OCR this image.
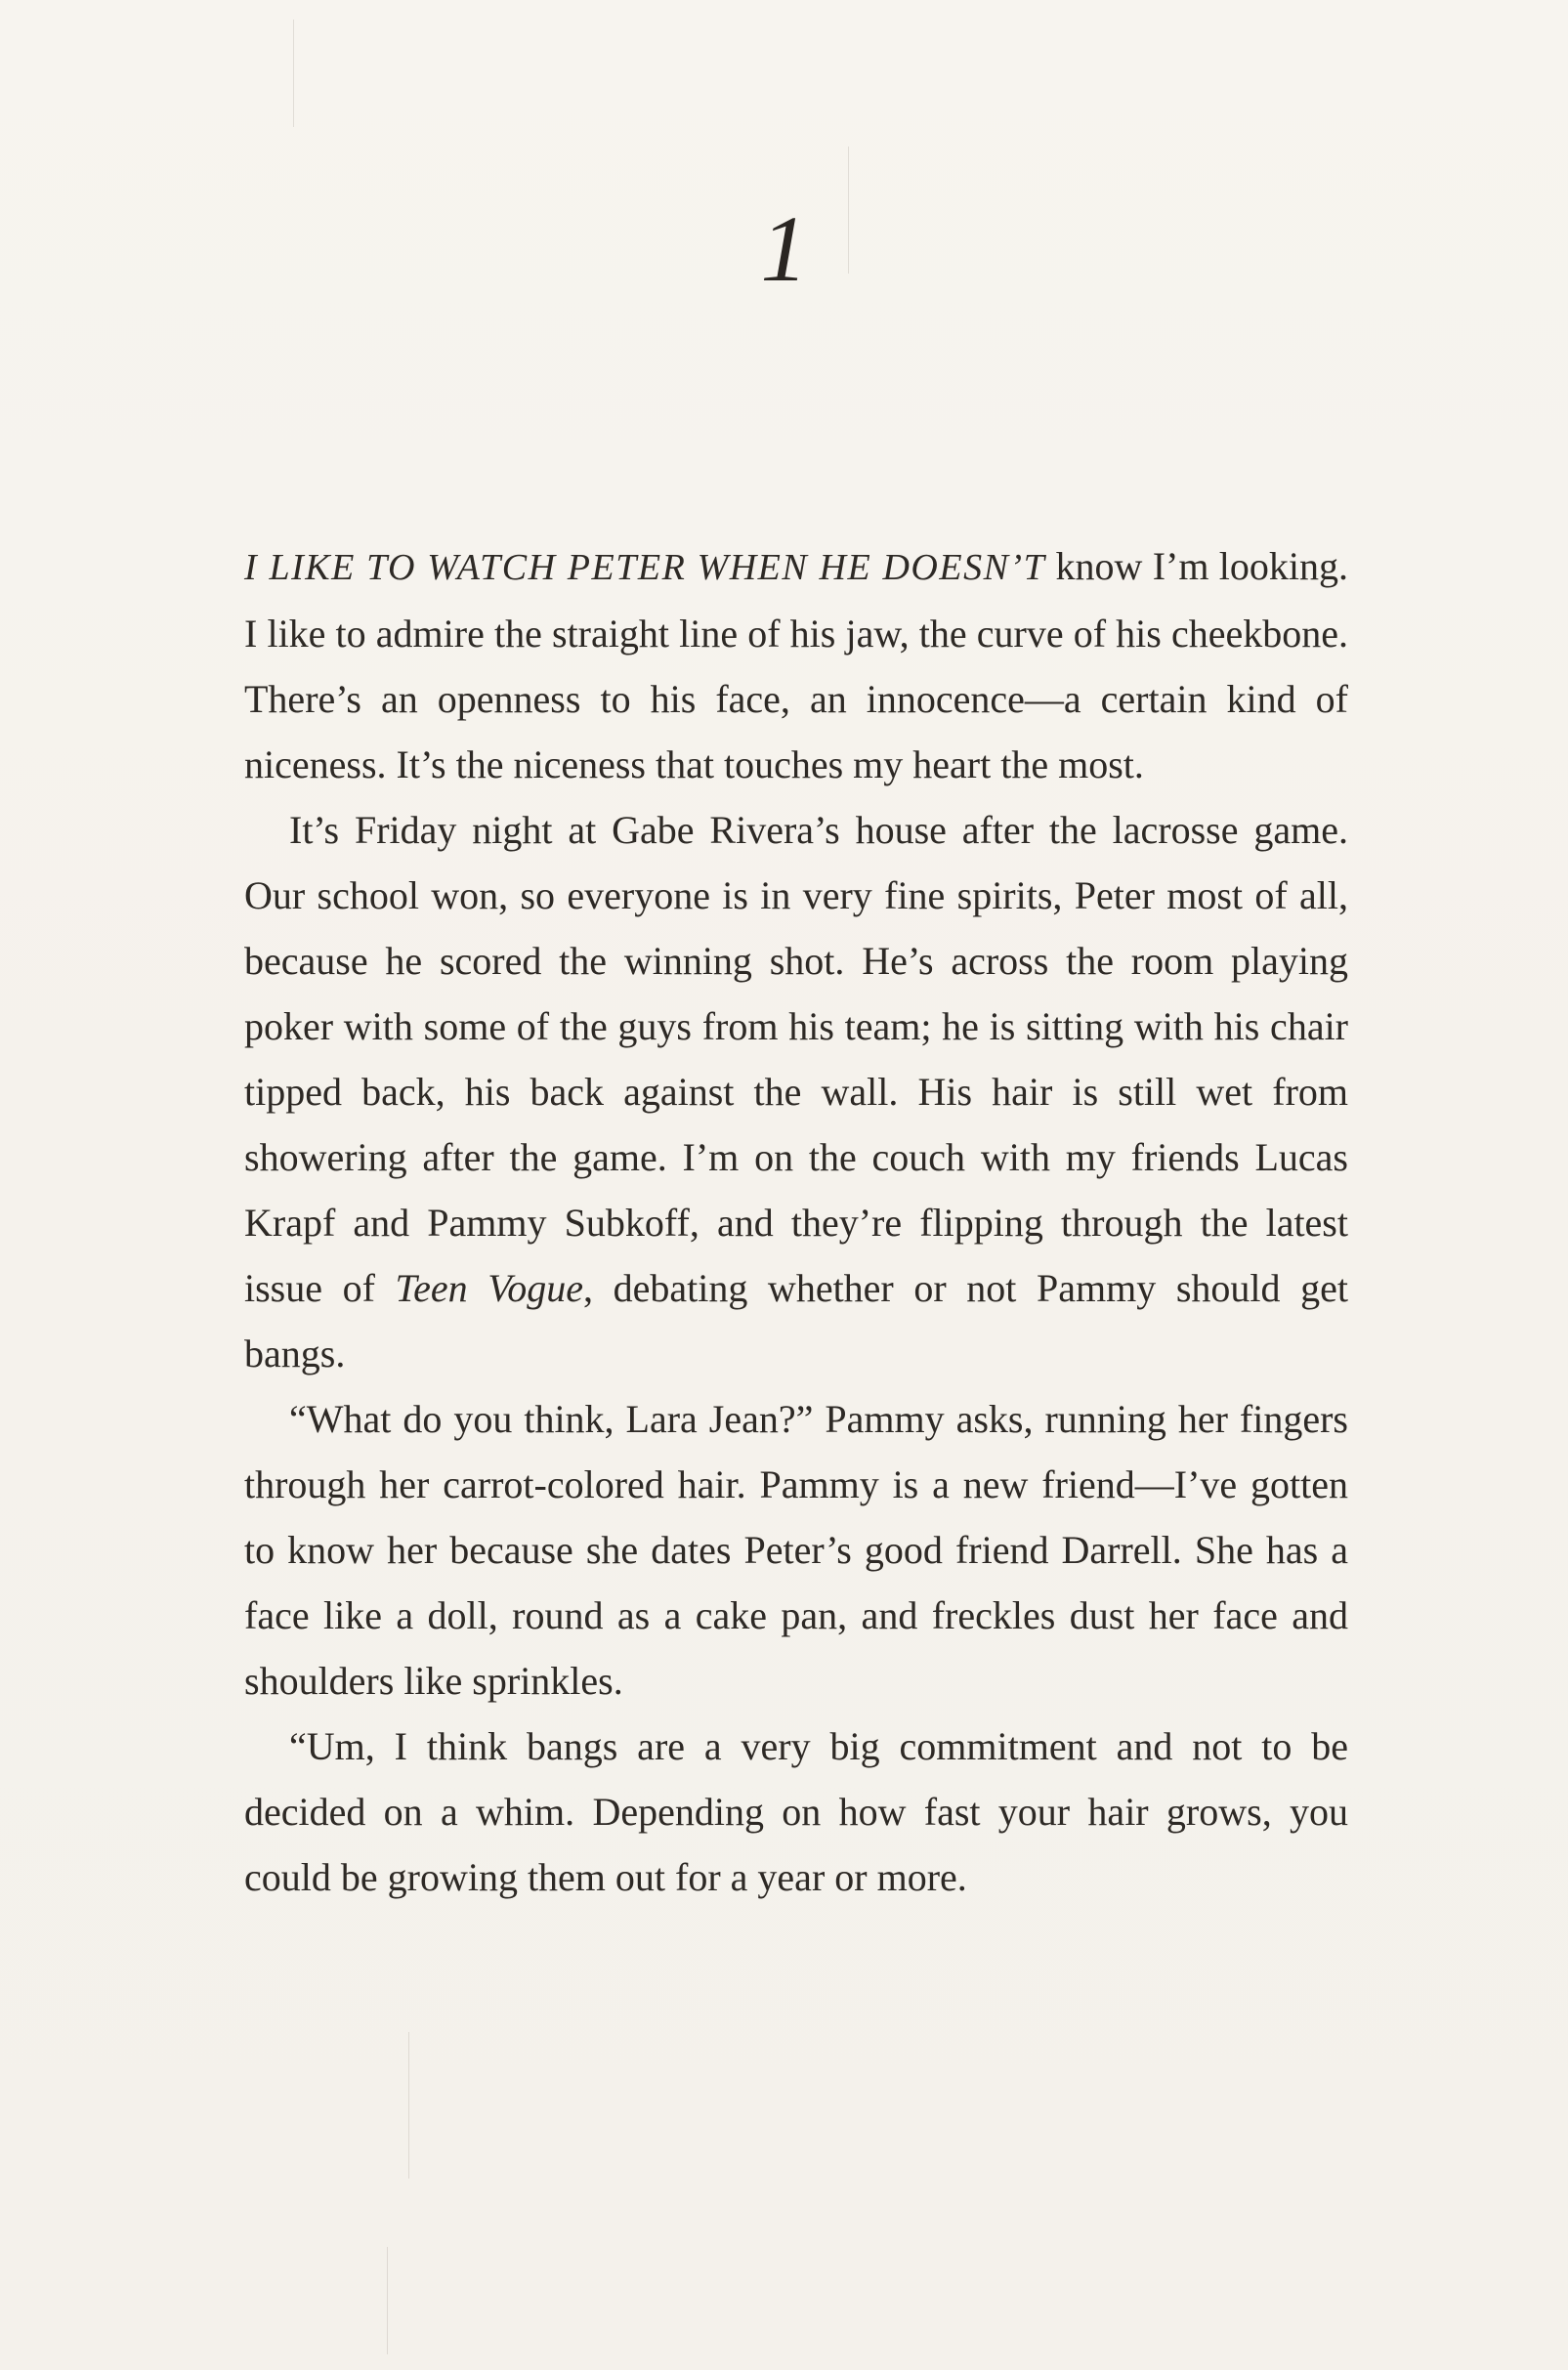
1

I LIKE TO WATCH PETER WHEN HE DOESN’T know I’m looking. I like to admire the straight line of his jaw, the curve of his cheekbone. There’s an openness to his face, an innocence—a certain kind of niceness. It’s the niceness that touches my heart the most.

It’s Friday night at Gabe Rivera’s house after the lacrosse game. Our school won, so everyone is in very fine spirits, Peter most of all, because he scored the winning shot. He’s across the room playing poker with some of the guys from his team; he is sitting with his chair tipped back, his back against the wall. His hair is still wet from showering after the game. I’m on the couch with my friends Lucas Krapf and Pammy Subkoff, and they’re flipping through the latest issue of Teen Vogue, debating whether or not Pammy should get bangs.

“What do you think, Lara Jean?” Pammy asks, running her fingers through her carrot-colored hair. Pammy is a new friend—I’ve gotten to know her because she dates Peter’s good friend Darrell. She has a face like a doll, round as a cake pan, and freckles dust her face and shoulders like sprinkles.

“Um, I think bangs are a very big commitment and not to be decided on a whim. Depending on how fast your hair grows, you could be growing them out for a year or more.
